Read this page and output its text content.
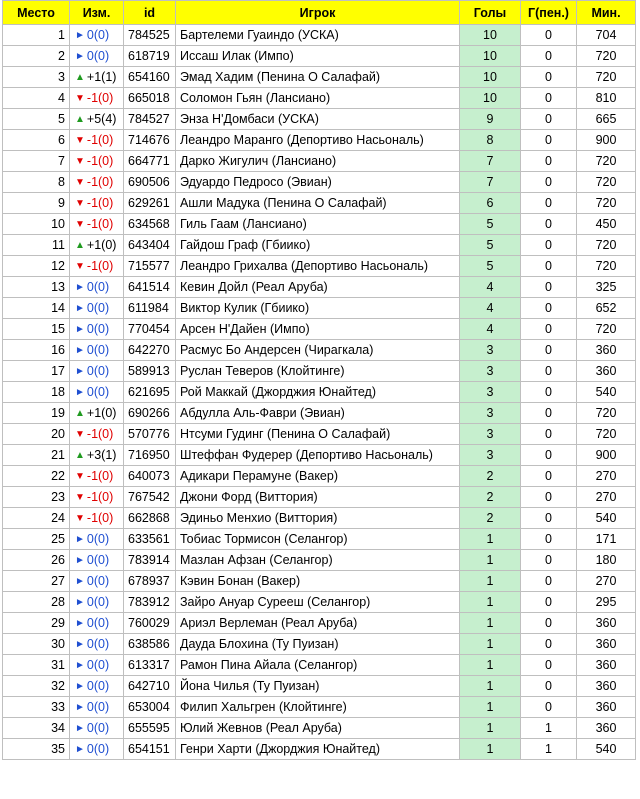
Место	Изм.	id	Игрок	Голы	Г(пен.)	Мин.
1	► 0(0)	784525	Бартелеми Гуаиндо (УСКА)	10	0	704
2	► 0(0)	618719	Иссаш Илак (Импо)	10	0	720
3	▲ +1(1)	654160	Эмад Хадим (Пенина О Салафай)	10	0	720
4	▼ -1(0)	665018	Соломон Гьян (Лансиано)	10	0	810
5	▲ +5(4)	784527	Энза Н'Домбаси (УСКА)	9	0	665
6	▼ -1(0)	714676	Леандро Маранго (Депортиво Насьональ)	8	0	900
7	▼ -1(0)	664771	Дарко Жигулич (Лансиано)	7	0	720
8	▼ -1(0)	690506	Эдуардо Педросо (Эвиан)	7	0	720
9	▼ -1(0)	629261	Ашли Мадука (Пенина О Салафай)	6	0	720
10	▼ -1(0)	634568	Гиль Гаам (Лансиано)	5	0	450
11	▲ +1(0)	643404	Гайдош Граф (Гбиико)	5	0	720
12	▼ -1(0)	715577	Леандро Грихалва (Депортиво Насьональ)	5	0	720
13	► 0(0)	641514	Кевин Дойл (Реал Аруба)	4	0	325
14	► 0(0)	611984	Виктор Кулик (Гбиико)	4	0	652
15	► 0(0)	770454	Арсен Н'Дайен (Импо)	4	0	720
16	► 0(0)	642270	Расмус Бо Андерсен (Чирагкала)	3	0	360
17	► 0(0)	589913	Руслан Теверов (Клойтинге)	3	0	360
18	► 0(0)	621695	Рой Маккай (Джорджия Юнайтед)	3	0	540
19	▲ +1(0)	690266	Абдулла Аль-Фаври (Эвиан)	3	0	720
20	▼ -1(0)	570776	Нтсуми Гудинг (Пенина О Салафай)	3	0	720
21	▲ +3(1)	716950	Штеффан Фудерер (Депортиво Насьональ)	3	0	900
22	▼ -1(0)	640073	Адикари Перамуне (Вакер)	2	0	270
23	▼ -1(0)	767542	Джони Форд (Виттория)	2	0	270
24	▼ -1(0)	662868	Эдиньо Менхио (Виттория)	2	0	540
25	► 0(0)	633561	Тобиас Тормисон (Селангор)	1	0	171
26	► 0(0)	783914	Мазлан Афзан (Селангор)	1	0	180
27	► 0(0)	678937	Кэвин Бонан (Вакер)	1	0	270
28	► 0(0)	783912	Зайро Ануар Сурееш (Селангор)	1	0	295
29	► 0(0)	760029	Ариэл Верлеман (Реал Аруба)	1	0	360
30	► 0(0)	638586	Дауда Блохина (Ту Пуизан)	1	0	360
31	► 0(0)	613317	Рамон Пина Айала (Селангор)	1	0	360
32	► 0(0)	642710	Йона Чилья (Ту Пуизан)	1	0	360
33	► 0(0)	653004	Филип Хальгрен (Клойтинге)	1	0	360
34	► 0(0)	655595	Юлий Жевнов (Реал Аруба)	1	1	360
35	► 0(0)	654151	Генри Харти (Джорджия Юнайтед)	1	1	540
